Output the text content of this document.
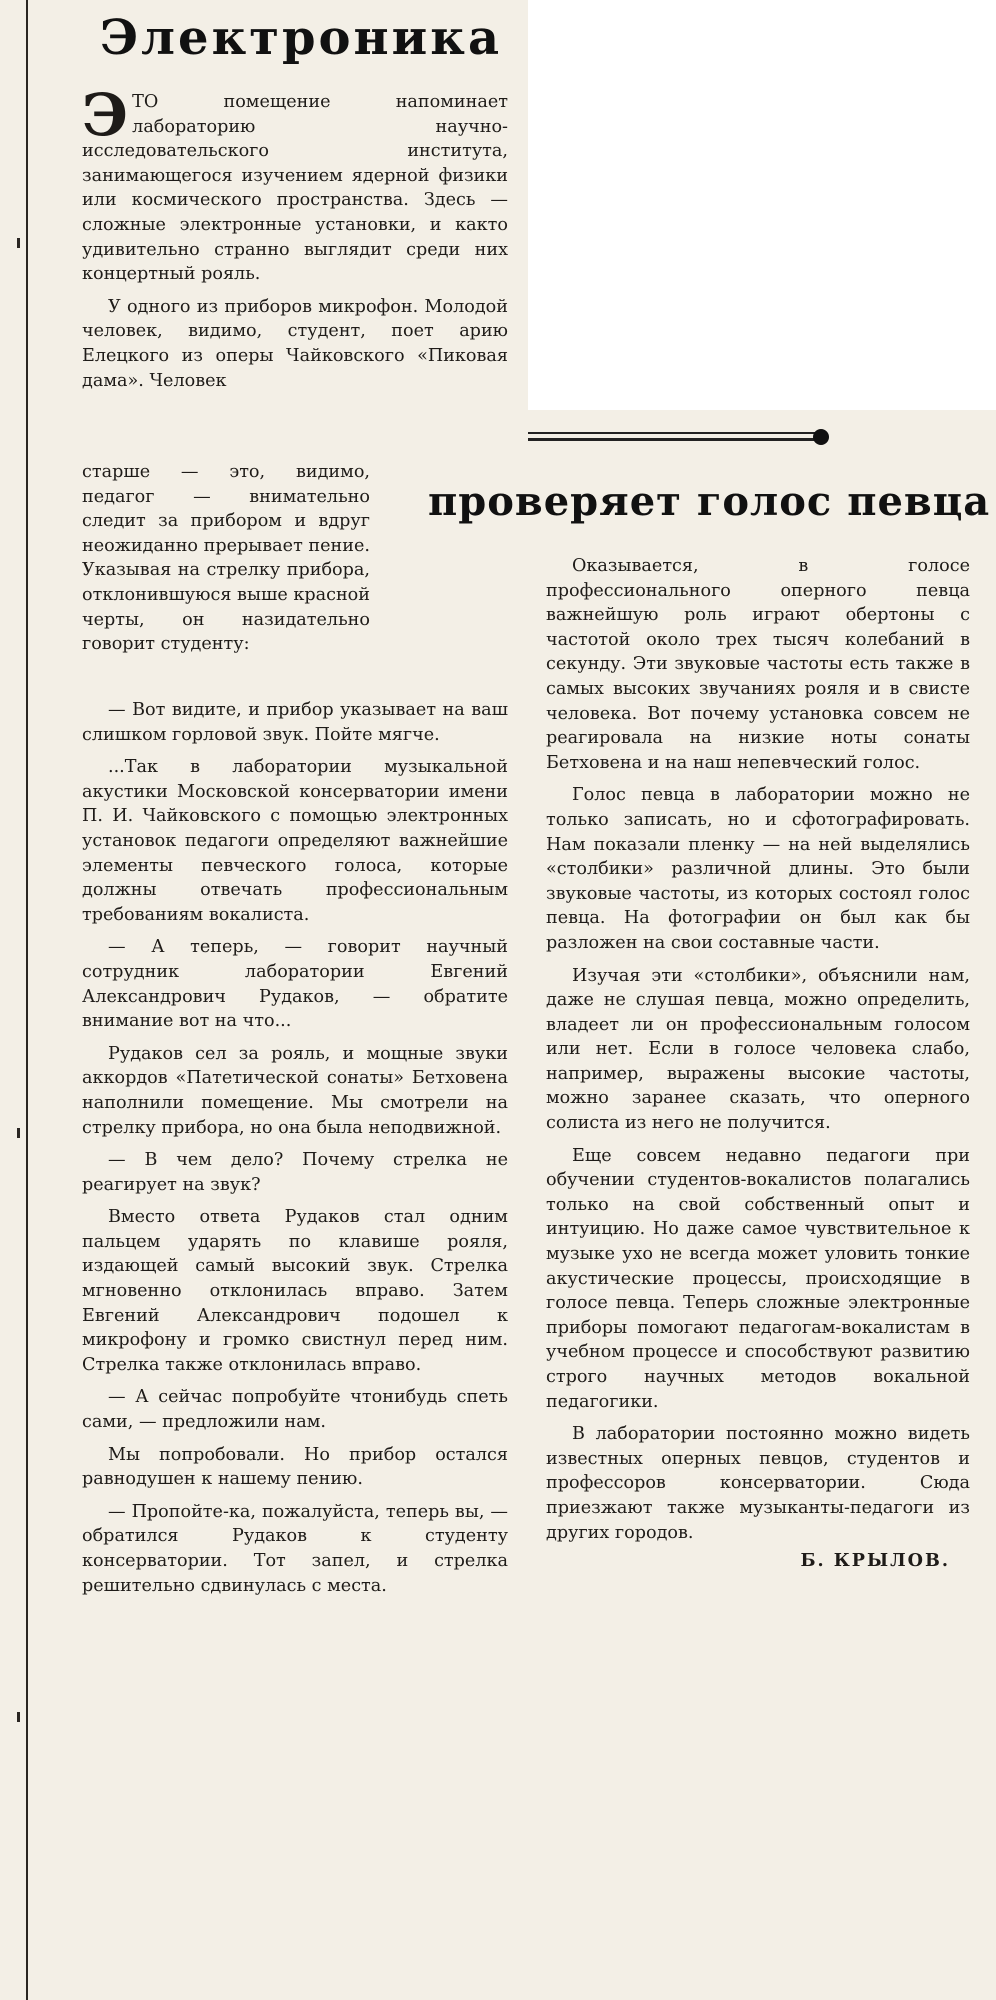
Электроника
проверяет голос певца

ЭТО помещение напоминает лабораторию научно-исследовательского института, занимающегося изучением ядерной физики или космического пространства. Здесь — сложные электронные установки, и както удивительно странно выглядит среди них концертный рояль.

У одного из приборов микрофон. Молодой человек, видимо, студент, поет арию Елецкого из оперы Чайковского «Пиковая дама». Человек

старше — это, видимо, педагог — внимательно следит за прибором и вдруг неожиданно прерывает пение. Указывая на стрелку прибора, отклонившуюся выше красной черты, он назидательно говорит студенту:

— Вот видите, и прибор указывает на ваш слишком горловой звук. Пойте мягче.

...Так в лаборатории музыкальной акустики Московской консерватории имени П. И. Чайковского с помощью электронных установок педагоги определяют важнейшие элементы певческого голоса, которые должны отвечать профессиональным требованиям вокалиста.

— А теперь, — говорит научный сотрудник лаборатории Евгений Александрович Рудаков, — обратите внимание вот на что...

Рудаков сел за рояль, и мощные звуки аккордов «Патетической сонаты» Бетховена наполнили помещение. Мы смотрели на стрелку прибора, но она была неподвижной.

— В чем дело? Почему стрелка не реагирует на звук?

Вместо ответа Рудаков стал одним пальцем ударять по клавише рояля, издающей самый высокий звук. Стрелка мгновенно отклонилась вправо. Затем Евгений Александрович подошел к микрофону и громко свистнул перед ним. Стрелка также отклонилась вправо.

— А сейчас попробуйте чтонибудь спеть сами, — предложили нам.

Мы попробовали. Но прибор остался равнодушен к нашему пению.

— Пропойте-ка, пожалуйста, теперь вы, — обратился Рудаков к студенту консерватории. Тот запел, и стрелка решительно сдвинулась с места.

Оказывается, в голосе профессионального оперного певца важнейшую роль играют обертоны с частотой около трех тысяч колебаний в секунду. Эти звуковые частоты есть также в самых высоких звучаниях рояля и в свисте человека. Вот почему установка совсем не реагировала на низкие ноты сонаты Бетховена и на наш непевческий голос.

Голос певца в лаборатории можно не только записать, но и сфотографировать. Нам показали пленку — на ней выделялись «столбики» различной длины. Это были звуковые частоты, из которых состоял голос певца. На фотографии он был как бы разложен на свои составные части.

Изучая эти «столбики», объяснили нам, даже не слушая певца, можно определить, владеет ли он профессиональным голосом или нет. Если в голосе человека слабо, например, выражены высокие частоты, можно заранее сказать, что оперного солиста из него не получится.

Еще совсем недавно педагоги при обучении студентов-вокалистов полагались только на свой собственный опыт и интуицию. Но даже самое чувствительное к музыке ухо не всегда может уловить тонкие акустические процессы, происходящие в голосе певца. Теперь сложные электронные приборы помогают педагогам-вокалистам в учебном процессе и способствуют развитию строго научных методов вокальной педагогики.

В лаборатории постоянно можно видеть известных оперных певцов, студентов и профессоров консерватории. Сюда приезжают также музыканты-педагоги из других городов.

Б. КРЫЛОВ.
